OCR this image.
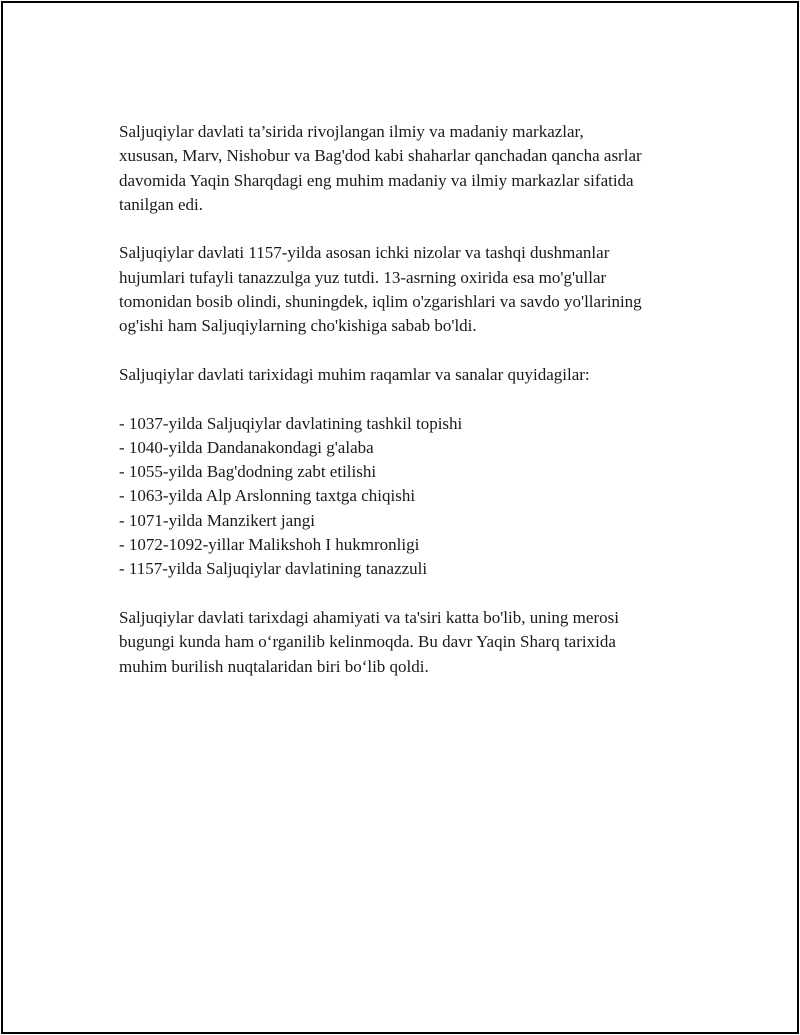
Saljuqiylar davlati ta’sirida rivojlangan ilmiy va madaniy markazlar,
xususan, Marv, Nishobur va Bag'dod kabi shaharlar qanchadan qancha asrlar
davomida Yaqin Sharqdagi eng muhim madaniy va ilmiy markazlar sifatida
tanilgan edi.

Saljuqiylar davlati 1157-yilda asosan ichki nizolar va tashqi dushmanlar
hujumlari tufayli tanazzulga yuz tutdi. 13-asrning oxirida esa mo'g'ullar
tomonidan bosib olindi, shuningdek, iqlim o'zgarishlari va savdo yo'llarining
og'ishi ham Saljuqiylarning cho'kishiga sabab bo'ldi.

Saljuqiylar davlati tarixidagi muhim raqamlar va sanalar quyidagilar:

- 1037-yilda Saljuqiylar davlatining tashkil topishi
- 1040-yilda Dandanakondagi g'alaba
- 1055-yilda Bag'dodning zabt etilishi
- 1063-yilda Alp Arslonning taxtga chiqishi
- 1071-yilda Manzikert jangi
- 1072-1092-yillar Malikshoh I hukmronligi
- 1157-yilda Saljuqiylar davlatining tanazzuli

Saljuqiylar davlati tarixdagi ahamiyati va ta'siri katta bo'lib, uning merosi
bugungi kunda ham o‘rganilib kelinmoqda. Bu davr Yaqin Sharq tarixida
muhim burilish nuqtalaridan biri bo‘lib qoldi.
